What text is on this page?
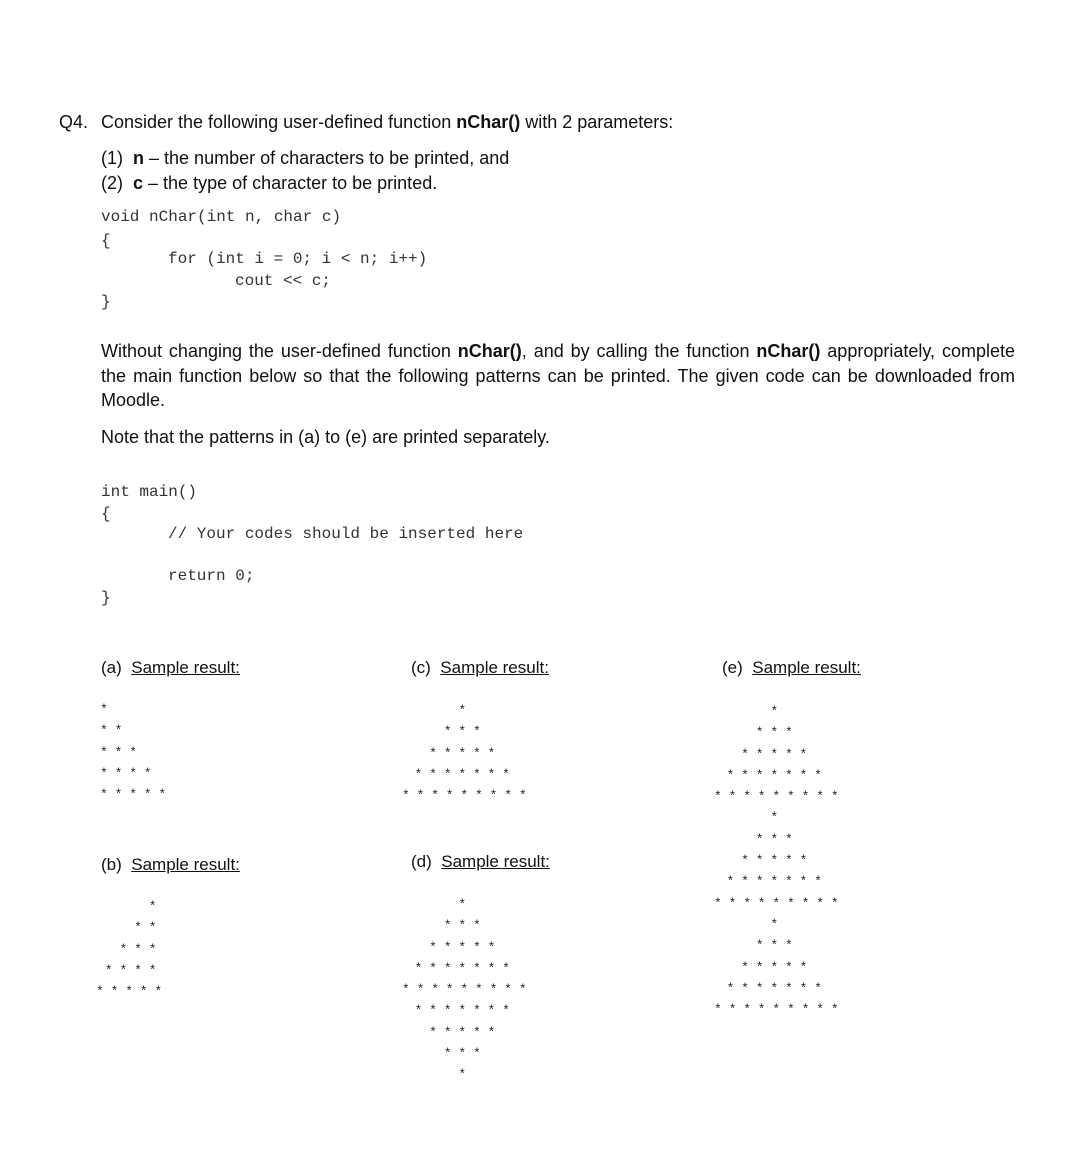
Q4. Consider the following user-defined function nChar() with 2 parameters:
(1) n – the number of characters to be printed, and
(2) c – the type of character to be printed.
void nChar(int n, char c)
{
for (int i = 0; i < n; i++)
cout << c;
}
Without changing the user-defined function nChar(), and by calling the function nChar() appropriately, complete the main function below so that the following patterns can be printed. The given code can be downloaded from Moodle.
Note that the patterns in (a) to (e) are printed separately.
int main()
{
// Your codes should be inserted here
return 0;
}
(a) Sample result:
*
* *
* * *
* * * *
* * * * *
(b) Sample result:
*
* *
* * *
* * * *
* * * * *
(c) Sample result:
*
* * *
* * * * *
* * * * * * *
* * * * * * * * *
(d) Sample result:
*
* * *
* * * * *
* * * * * * *
* * * * * * * * *
* * * * * * *
* * * * *
* * *
*
(e) Sample result:
*
* * *
* * * * *
* * * * * * *
* * * * * * * * *
*
* * *
* * * * *
* * * * * * *
* * * * * * * * *
*
* * *
* * * * *
* * * * * * *
* * * * * * * * *
